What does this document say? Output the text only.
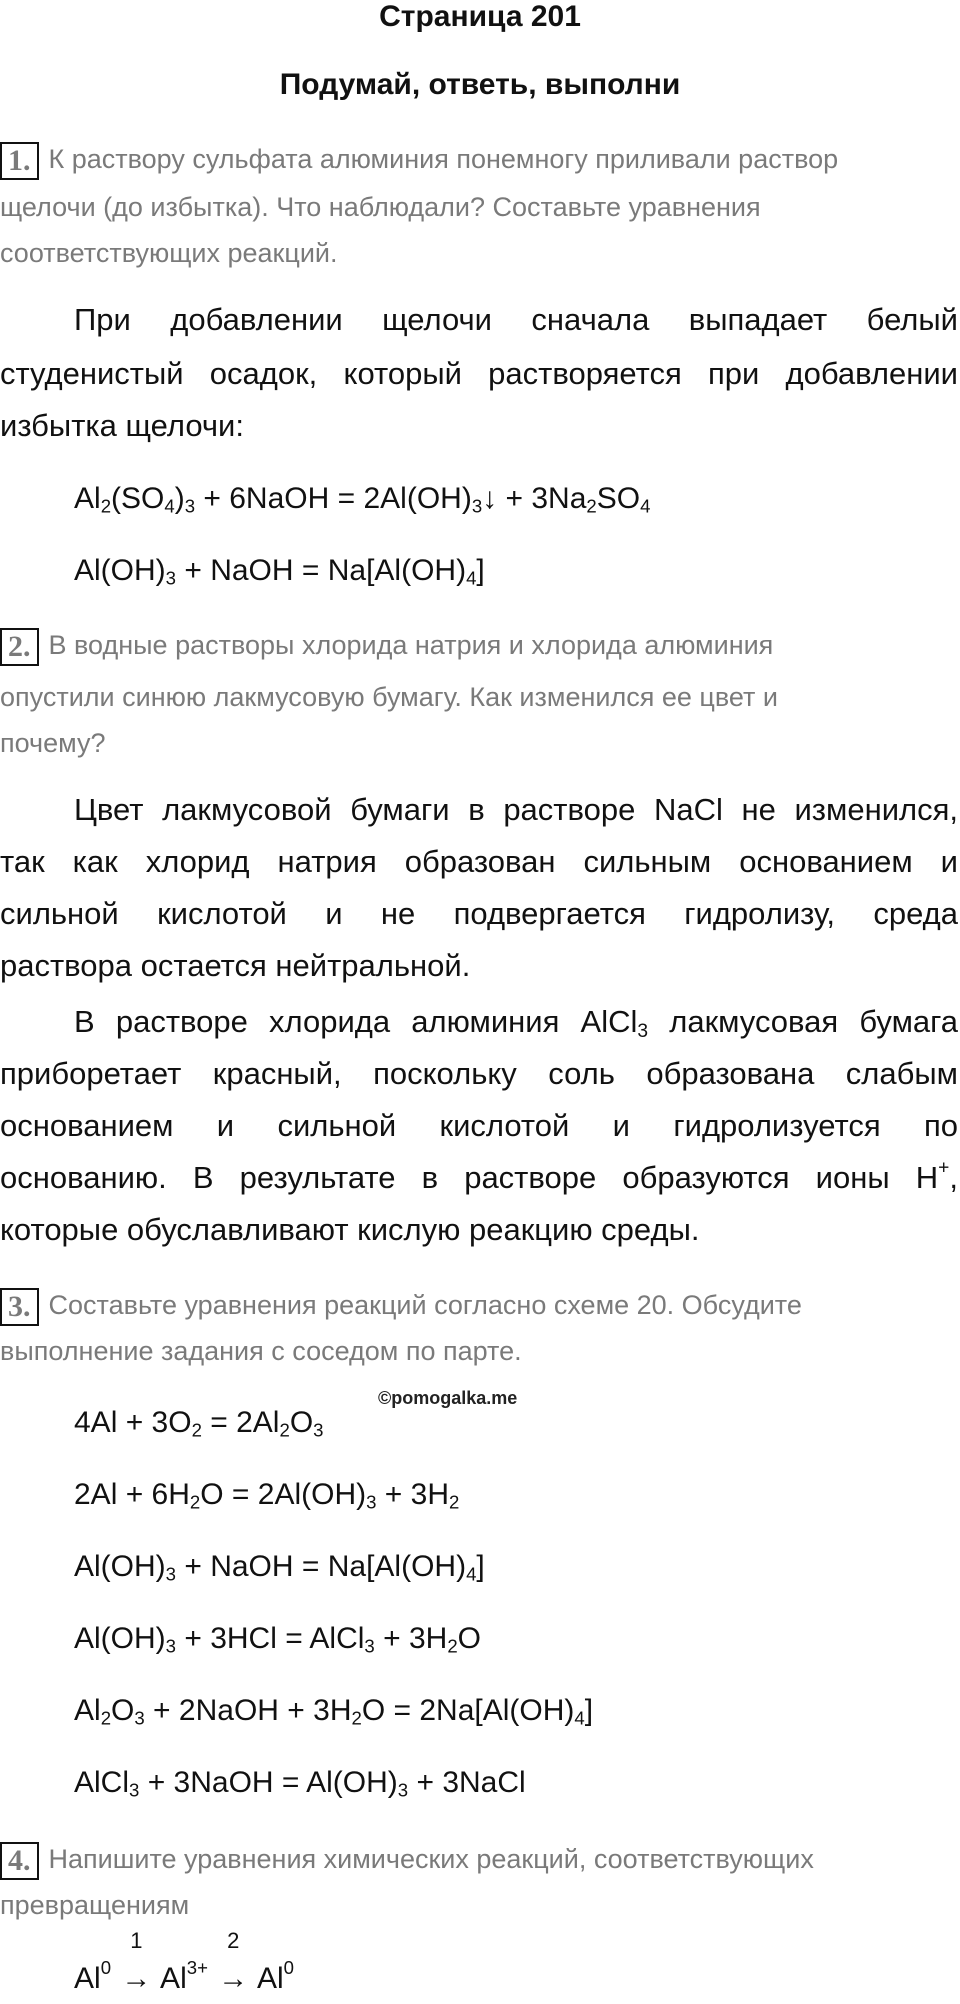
Страница 201
Подумай, ответь, выполни
1. К раствору сульфата алюминия понемногу приливали раствор
щелочи (до избытка). Что наблюдали? Составьте уравнения
соответствующих реакций.
При добавлении щелочи сначала выпадает белый
студенистый осадок, который растворяется при добавлении
избытка щелочи:
$Al_2(SO_4)_3$ + 6NaOH = $2Al(OH)_3↓ + 3Na_2SO_4$
$Al(OH)_3$ + NaOH = $Na[Al(OH)_4]$
2. В водные растворы хлорида натрия и хлорида алюминия
опустили синюю лакмусовую бумагу. Как изменился ее цвет и
почему?
Цвет лакмусовой бумаги в растворе NaCl не изменился,
так как хлорид натрия образован сильным основанием и
сильной кислотой и не подвергается гидролизу, среда
раствора остается нейтральной.
В растворе хлорида алюминия AlCl$_3$ лакмусовая бумага
приборетает красный, поскольку соль образована слабым
основанием и сильной кислотой и гидролизуется по
основанию. В результате в растворе образуются ионы H+,
которые обуславливают кислую реакцию среды.
3. Составьте уравнения реакций согласно схеме 20. Обсудите
выполнение задания с соседом по парте.
©pomogalka.me
$4Al + 3O_2 = 2Al_2O_3$
$2Al + 6H_2O = 2Al(OH)_3 + 3H_2$
$Al(OH)_3$ + NaOH = $Na[Al(OH)_4]$
$Al(OH)_3 + 3HCl$ = AlCl$_3$ + $3H_2O$
$Al_2O_3$ + 2NaOH + $3H_2O = 2Na[Al(OH)_4]$
AlCl$_3$ + 3NaOH = $Al(OH)_3$ + 3NaCl
4. Напишите уравнения химических реакций, соответствующих
превращениям
Al$^0$
1
→ $Al^{3+}$
2
→ $Al^0$
